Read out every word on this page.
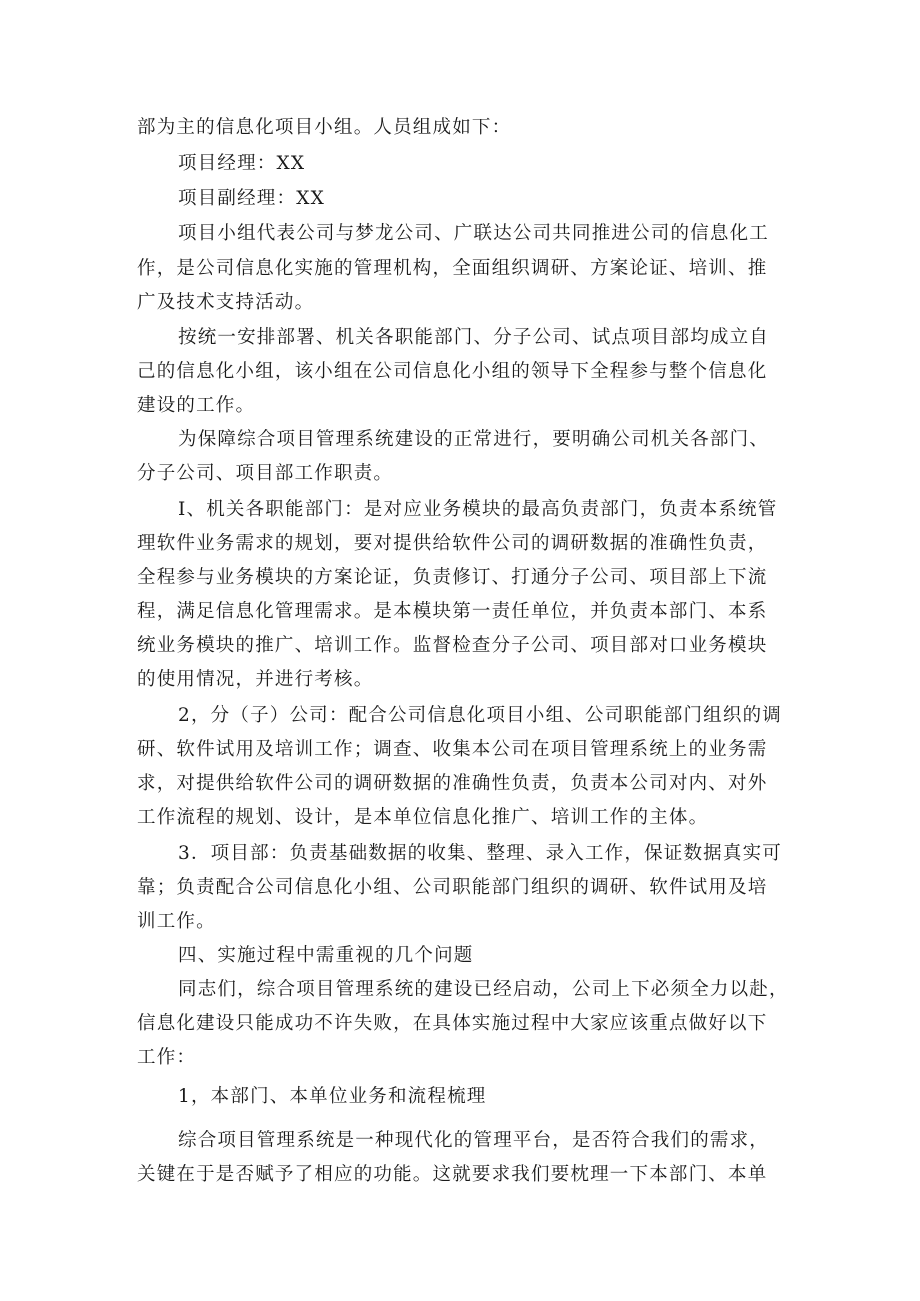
部为主的信息化项目小组。人员组成如下：
项目经理：XX
项目副经理：XX
项目小组代表公司与梦龙公司、广联达公司共同推进公司的信息化工
作，是公司信息化实施的管理机构，全面组织调研、方案论证、培训、推
广及技术支持活动。
按统一安排部署、机关各职能部门、分子公司、试点项目部均成立自
己的信息化小组，该小组在公司信息化小组的领导下全程参与整个信息化
建设的工作。
为保障综合项目管理系统建设的正常进行，要明确公司机关各部门、
分子公司、项目部工作职责。
I、机关各职能部门：是对应业务模块的最高负责部门，负责本系统管
理软件业务需求的规划，要对提供给软件公司的调研数据的准确性负责，
全程参与业务模块的方案论证，负责修订、打通分子公司、项目部上下流
程，满足信息化管理需求。是本模块第一责任单位，并负责本部门、本系
统业务模块的推广、培训工作。监督检查分子公司、项目部对口业务模块
的使用情况，并进行考核。
2，分（子）公司：配合公司信息化项目小组、公司职能部门组织的调
研、软件试用及培训工作；调查、收集本公司在项目管理系统上的业务需
求，对提供给软件公司的调研数据的准确性负责，负责本公司对内、对外
工作流程的规划、设计，是本单位信息化推广、培训工作的主体。
3．项目部：负责基础数据的收集、整理、录入工作，保证数据真实可
靠；负责配合公司信息化小组、公司职能部门组织的调研、软件试用及培
训工作。
四、实施过程中需重视的几个问题
同志们，综合项目管理系统的建设已经启动，公司上下必须全力以赴，
信息化建设只能成功不许失败，在具体实施过程中大家应该重点做好以下
工作：
1，本部门、本单位业务和流程梳理
综合项目管理系统是一种现代化的管理平台，是否符合我们的需求，
关键在于是否赋予了相应的功能。这就要求我们要枕理一下本部门、本单
